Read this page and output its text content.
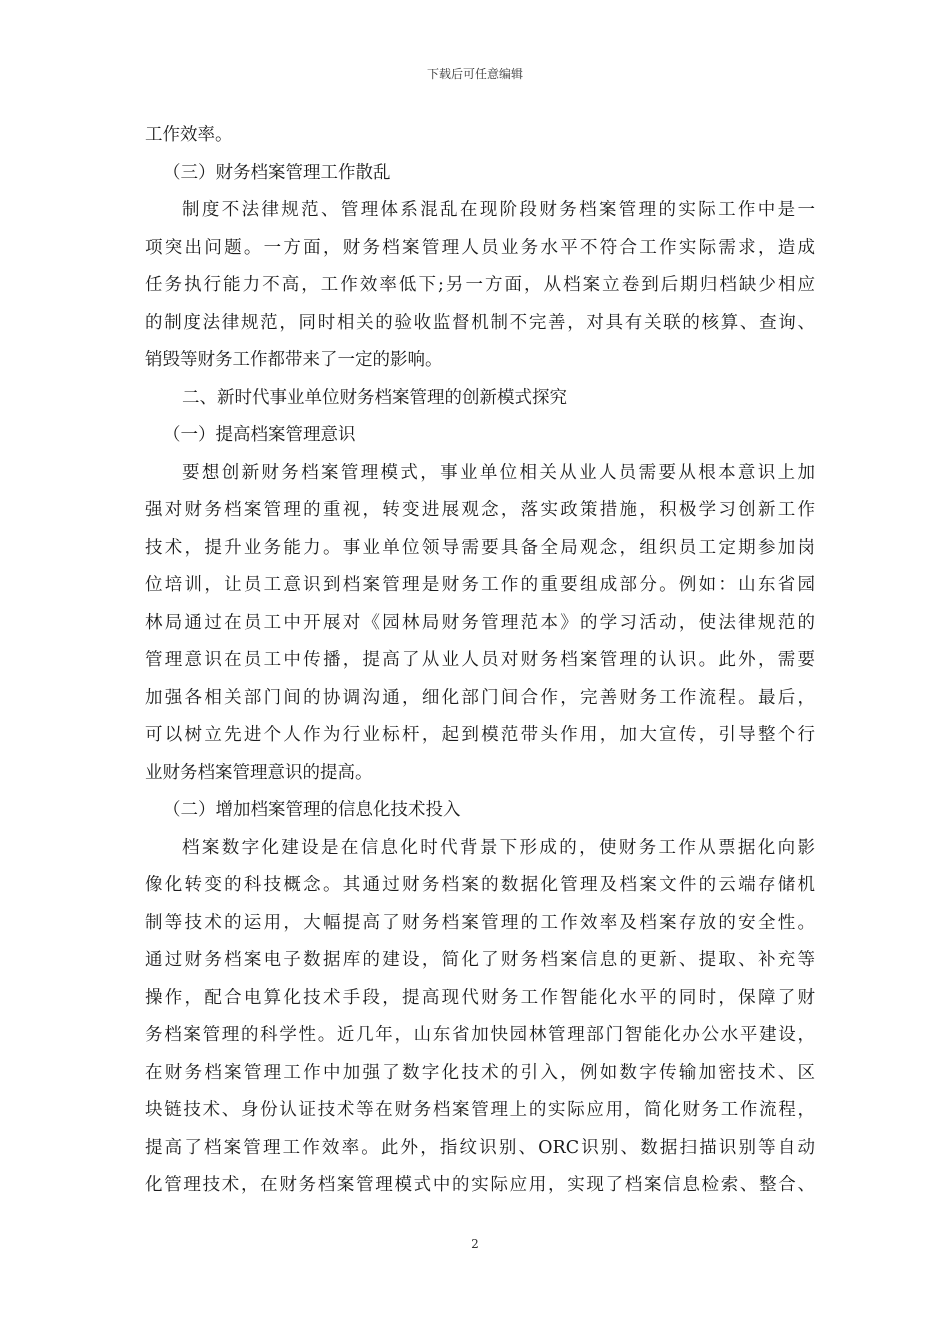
下载后可任意编辑
工作效率。
（三）财务档案管理工作散乱
制度不法律规范、管理体系混乱在现阶段财务档案管理的实际工作中是一
项突出问题。一方面，财务档案管理人员业务水平不符合工作实际需求，造成
任务执行能力不高，工作效率低下;另一方面，从档案立卷到后期归档缺少相应
的制度法律规范，同时相关的验收监督机制不完善，对具有关联的核算、查询、
销毁等财务工作都带来了一定的影响。
二、新时代事业单位财务档案管理的创新模式探究
（一）提高档案管理意识
要想创新财务档案管理模式，事业单位相关从业人员需要从根本意识上加
强对财务档案管理的重视，转变进展观念，落实政策措施，积极学习创新工作
技术，提升业务能力。事业单位领导需要具备全局观念，组织员工定期参加岗
位培训，让员工意识到档案管理是财务工作的重要组成部分。例如：山东省园
林局通过在员工中开展对《园林局财务管理范本》的学习活动，使法律规范的
管理意识在员工中传播，提高了从业人员对财务档案管理的认识。此外，需要
加强各相关部门间的协调沟通，细化部门间合作，完善财务工作流程。最后，
可以树立先进个人作为行业标杆，起到模范带头作用，加大宣传，引导整个行
业财务档案管理意识的提高。
（二）增加档案管理的信息化技术投入
档案数字化建设是在信息化时代背景下形成的，使财务工作从票据化向影
像化转变的科技概念。其通过财务档案的数据化管理及档案文件的云端存储机
制等技术的运用，大幅提高了财务档案管理的工作效率及档案存放的安全性。
通过财务档案电子数据库的建设，简化了财务档案信息的更新、提取、补充等
操作，配合电算化技术手段，提高现代财务工作智能化水平的同时，保障了财
务档案管理的科学性。近几年，山东省加快园林管理部门智能化办公水平建设，
在财务档案管理工作中加强了数字化技术的引入，例如数字传输加密技术、区
块链技术、身份认证技术等在财务档案管理上的实际应用，简化财务工作流程，
提高了档案管理工作效率。此外，指纹识别、ORC识别、数据扫描识别等自动
化管理技术，在财务档案管理模式中的实际应用，实现了档案信息检索、整合、
2
